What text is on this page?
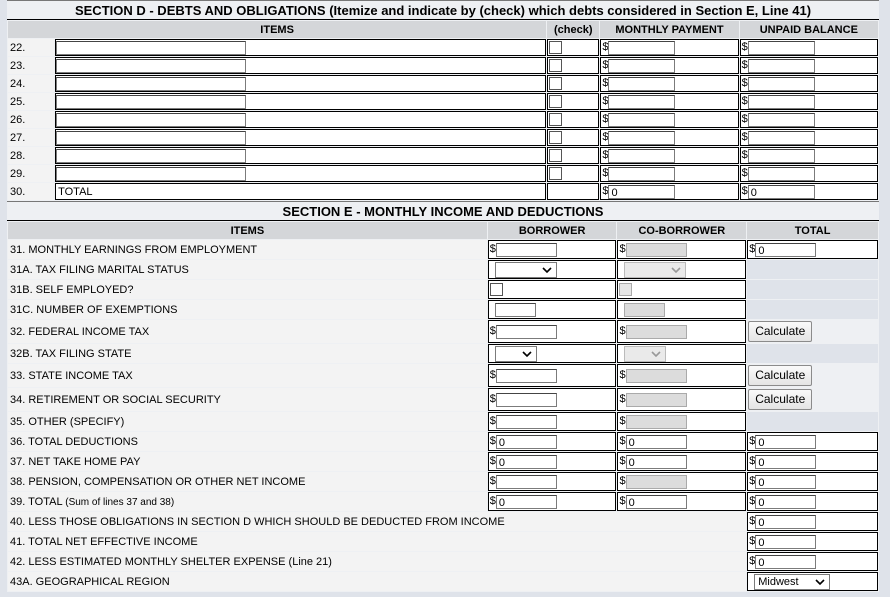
SECTION D - DEBTS AND OBLIGATIONS (Itemize and indicate by (check) which debts considered in Section E, Line 41)
ITEMS		(check)	MONTHLY PAYMENT	UNPAID BALANCE
22.			$	$
23.			$	$
24.			$	$
25.			$	$
26.			$	$
27.			$	$
28.			$	$
29.			$	$
30.	TOTAL		$ 0	$ 0
SECTION E - MONTHLY INCOME AND DEDUCTIONS
ITEMS	BORROWER	CO-BORROWER	TOTAL
31. MONTHLY EARNINGS FROM EMPLOYMENT	$	$	$ 0
31A. TAX FILING MARITAL STATUS	

31B. SELF EMPLOYED?			
31C. NUMBER OF EXEMPTIONS			
32. FEDERAL INCOME TAX	$	$	Calculate
32B. TAX FILING STATE	

33. STATE INCOME TAX	$	$	Calculate
34. RETIREMENT OR SOCIAL SECURITY	$	$	Calculate
35. OTHER (SPECIFY)	$	$	
36. TOTAL DEDUCTIONS	$ 0	$ 0	$ 0
37. NET TAKE HOME PAY	$ 0	$ 0	$ 0
38. PENSION, COMPENSATION OR OTHER NET INCOME	$	$	$ 0
39. TOTAL (Sum of lines 37 and 38)	$ 0	$ 0	$ 0
40. LESS THOSE OBLIGATIONS IN SECTION D WHICH SHOULD BE DEDUCTED FROM INCOME			$ 0
41. TOTAL NET EFFECTIVE INCOME			$ 0
42. LESS ESTIMATED MONTHLY SHELTER EXPENSE (Line 21)			$ 0
43A. GEOGRAPHICAL REGION			Midwest
